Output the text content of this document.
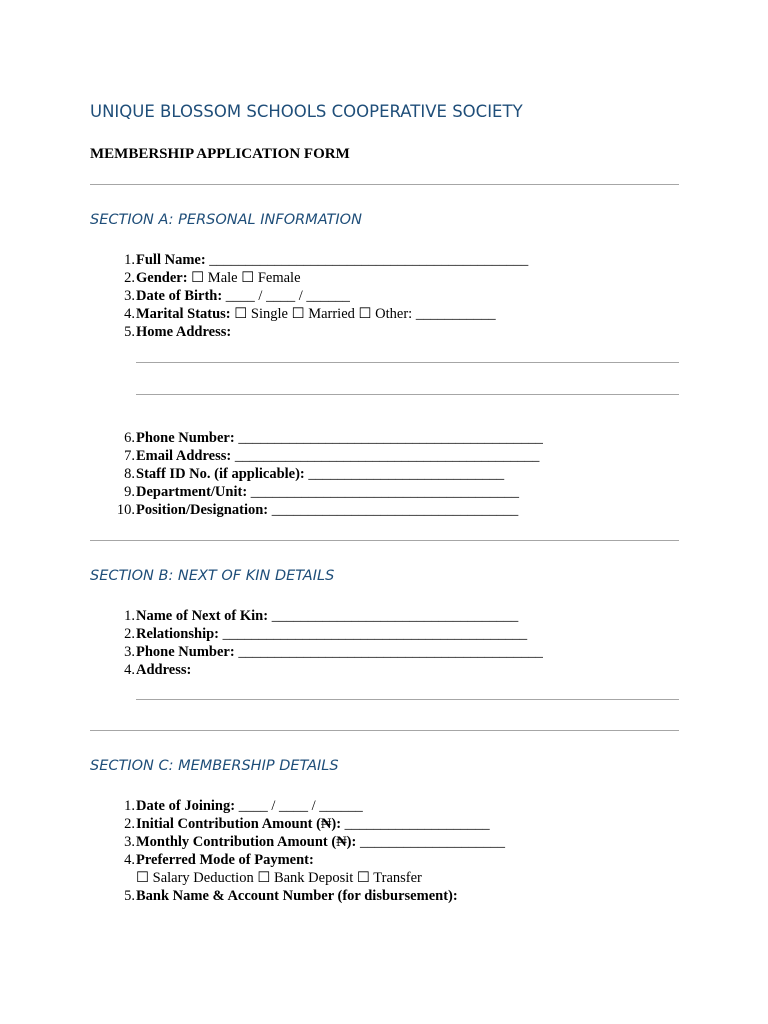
UNIQUE BLOSSOM SCHOOLS COOPERATIVE SOCIETY
MEMBERSHIP APPLICATION FORM
SECTION A: PERSONAL INFORMATION
1. Full Name: ____________________________________________
2. Gender: ☐ Male ☐ Female
3. Date of Birth: ____ / ____ / ______
4. Marital Status: ☐ Single ☐ Married ☐ Other: ___________
5. Home Address:
6. Phone Number: __________________________________________
7. Email Address: __________________________________________
8. Staff ID No. (if applicable): ___________________________
9. Department/Unit: _____________________________________
10. Position/Designation: __________________________________
SECTION B: NEXT OF KIN DETAILS
1. Name of Next of Kin: __________________________________
2. Relationship: __________________________________________
3. Phone Number: __________________________________________
4. Address:
SECTION C: MEMBERSHIP DETAILS
1. Date of Joining: ____ / ____ / ______
2. Initial Contribution Amount (₦): ____________________
3. Monthly Contribution Amount (₦): ____________________
4. Preferred Mode of Payment:
☐ Salary Deduction ☐ Bank Deposit ☐ Transfer
5. Bank Name & Account Number (for disbursement):
